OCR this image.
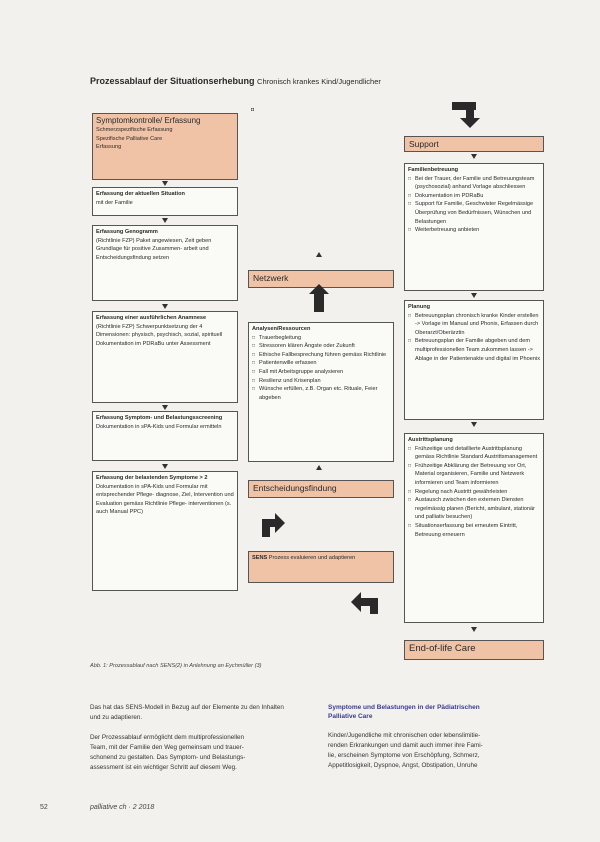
Prozessablauf der Situationserhebung Chronisch krankes Kind/Jugendlicher
Symptomkontrolle/ Erfassung
Schmerzspezifische Erfassung
Spezifische Palliative Care
Erfassung
Erfassung der aktuellen Situation
mit der Familie
Erfassung Genogramm
(Richtlinie FZP) Paket angewiesen, Zeit geben Grundlage für positive Zusammen- arbeit und Entscheidungsfindung setzen
Erfassung einer ausführlichen Anamnese
(Richtlinie FZP) Schwerpunktsetzung der 4 Dimensionen: physisch, psychisch, sozial, spirituell Dokumentation im PDRaBu unter Assessment
Erfassung Symptom- und Belastungsscreening
Dokumentation in sPA-Kids und Formular ermitteln
Erfassung der belastenden Symptome > 2
Dokumentation in sPA-Kids und Formular mit entsprechender Pflege- diagnose, Ziel, Intervention und Evaluation gemäss Richtlinie Pflege- interventionen (s. auch Manual PPC)
Netzwerk
Analysen/Ressourcen
□ Trauerbegleitung
□ Stressoren klären Ängste oder Zukunft
□ Ethische Fallbesprechung führen gemäss Richtlinie
□ Patientenwille erfassen
□ Fall mit Arbeitsgruppe analysieren
□ Resilienz und Krisenplan
□ Wünsche erfüllen, z.B. Organ etc. Rituale, Feier abgeben
Entscheidungsfindung
SENS Prozess evaluieren und adaptieren
Support
Familienbetreuung
□ Bei der Trauer, der Familie und Betreuungsteam (psychosozial) anhand Vorlage abschliessen
□ Dokumentation im PDRaBu
□ Support für Familie, Geschwister Regelmässige Überprüfung von Bedürfnissen, Wünschen und Belastungen
□ Weiterbetreuung anbieten
Planung
□ Betreuungsplan chronisch kranke Kinder erstellen -> Vorlage im Manual und Phonix, Erfassen durch Oberarzt/Oberärztin
□ Betreuungsplan der Familie abgeben und dem multiprofessionellen Team zukommen lassen -> Ablage in der Patientenakte und digital im Phoenix
Austrittsplanung
□ Frühzeitige und detaillierte Austrittsplanung gemäss Richtlinie Standard Austrittsmanagement
□ Frühzeitige Abklärung der Betreuung vor Ort, Material organisieren, Familie und Netzwerk informieren und Team informieren
□ Regelung nach Austritt gewährleisten
□ Austausch zwischen den externen Diensten regelmässig planen (Bericht, ambulant, stationär und palliativ besuchen)
□ Situationserfassung bei erneutem Eintritt, Betreuung erneuern
End-of-life Care
Abb. 1: Prozessablauf nach SENS(2) in Anlehnung an Eychmüller (3)
Das hat das SENS-Modell in Bezug auf der Elemente zu den Inhalten
und zu adaptieren.
Der Prozessablauf ermöglicht dem multiprofessionellen
Team, mit der Familie den Weg gemeinsam und trauer-
schonend zu gestalten. Das Symptom- und Belastungs-
assessment ist ein wichtiger Schritt auf diesem Weg.
Symptome und Belastungen in der Pädiatrischen
Palliative Care
Kinder/Jugendliche mit chronischen oder lebenslimitie-
renden Erkrankungen und damit auch immer ihre Fami-
lie, erscheinen Symptome von Erschöpfung, Schmerz,
Appetitlosigkeit, Dyspnoe, Angst, Obstipation, Unruhe
52	palliative ch · 2 2018
